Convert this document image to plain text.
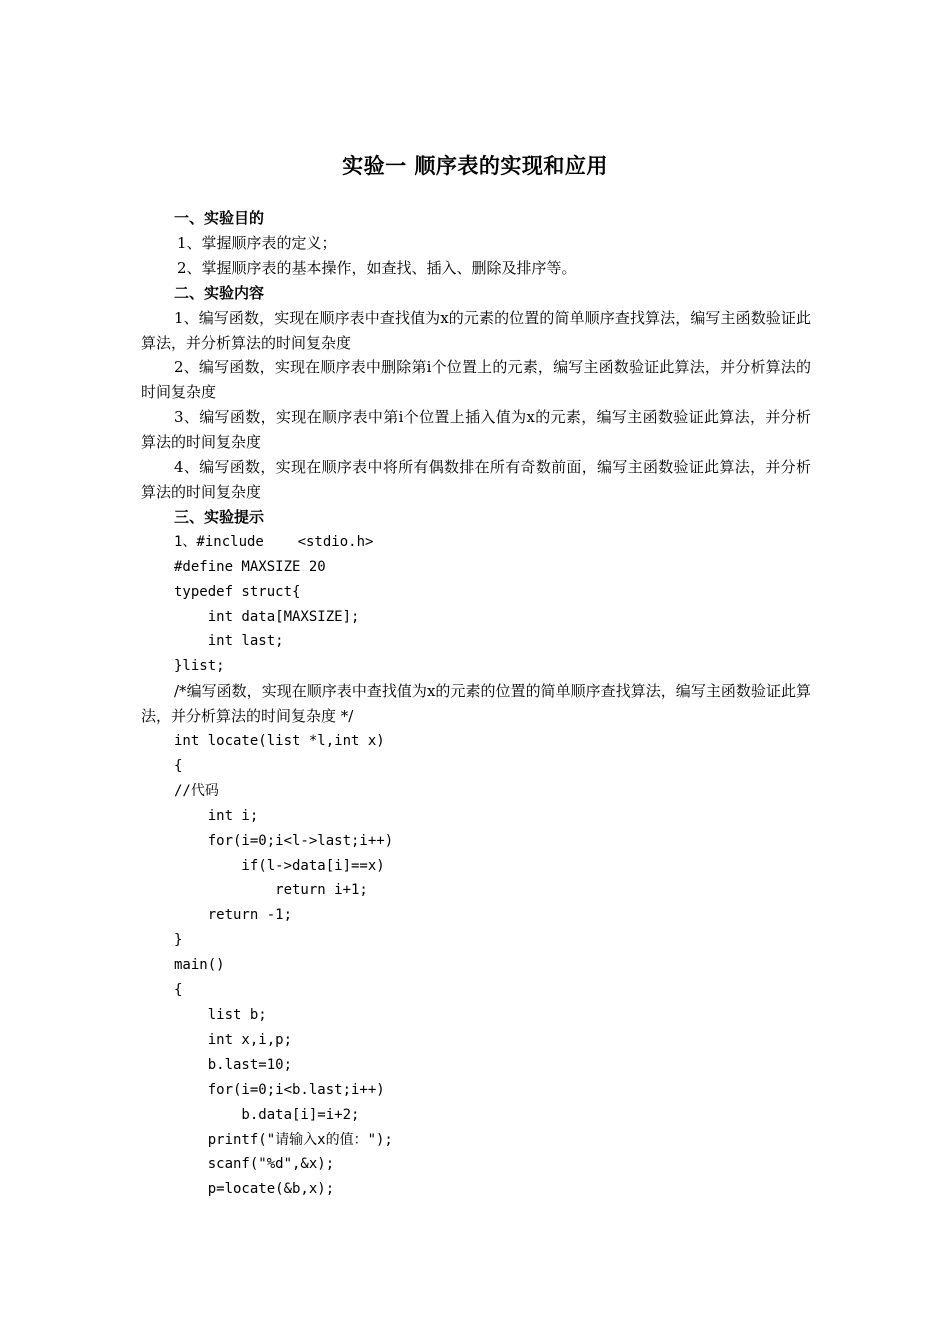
实验一 顺序表的实现和应用
一、实验目的
1、掌握顺序表的定义；
2、掌握顺序表的基本操作，如查找、插入、删除及排序等。
二、实验内容
1、编写函数，实现在顺序表中查找值为x的元素的位置的简单顺序查找算法，编写主函数验证此算法，并分析算法的时间复杂度
2、编写函数，实现在顺序表中删除第i个位置上的元素，编写主函数验证此算法，并分析算法的时间复杂度
3、编写函数，实现在顺序表中第i个位置上插入值为x的元素，编写主函数验证此算法，并分析算法的时间复杂度
4、编写函数，实现在顺序表中将所有偶数排在所有奇数前面，编写主函数验证此算法，并分析算法的时间复杂度
三、实验提示
1、#include    <stdio.h>
#define MAXSIZE 20
typedef struct{
int data[MAXSIZE];
int last;
}list;
/*编写函数，实现在顺序表中查找值为x的元素的位置的简单顺序查找算法，编写主函数验证此算法，并分析算法的时间复杂度 */
int locate(list *l,int x)
{
//代码
int i;
for(i=0;i<l->last;i++)
if(l->data[i]==x)
return i+1;
return -1;
}
main()
{
list b;
int x,i,p;
b.last=10;
for(i=0;i<b.last;i++)
b.data[i]=i+2;
printf("请输入x的值：");
scanf("%d",&x);
p=locate(&b,x);
